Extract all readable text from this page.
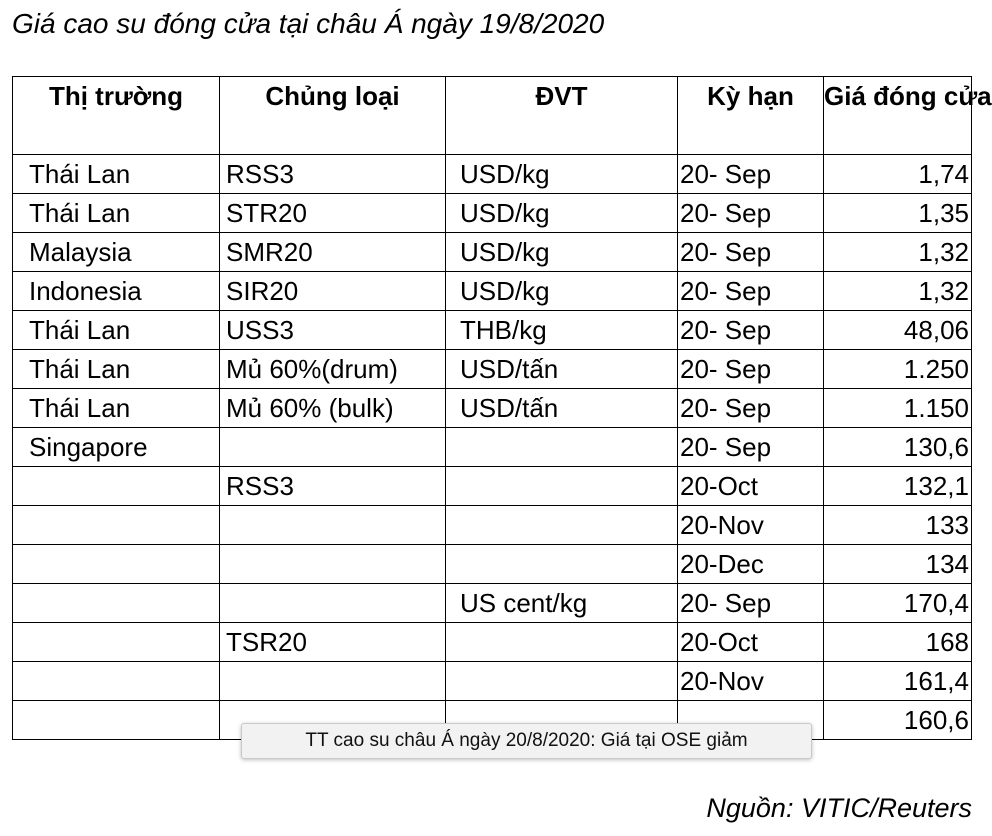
Giá cao su đóng cửa tại châu Á ngày 19/8/2020
Thị trường	Chủng loại	ĐVT	Kỳ hạn	Giá đóng cửa
Thái Lan	RSS3	USD/kg	20- Sep	1,74
Thái Lan	STR20	USD/kg	20- Sep	1,35
Malaysia	SMR20	USD/kg	20- Sep	1,32
Indonesia	SIR20	USD/kg	20- Sep	1,32
Thái Lan	USS3	THB/kg	20- Sep	48,06
Thái Lan	Mủ 60%(drum)	USD/tấn	20- Sep	1.250
Thái Lan	Mủ 60% (bulk)	USD/tấn	20- Sep	1.150
Singapore			20- Sep	130,6
	RSS3		20-Oct	132,1
			20-Nov	133
			20-Dec	134
		US cent/kg	20- Sep	170,4
	TSR20		20-Oct	168
			20-Nov	161,4
				160,6
TT cao su châu Á ngày 20/8/2020: Giá tại OSE giảm
Nguồn: VITIC/Reuters
